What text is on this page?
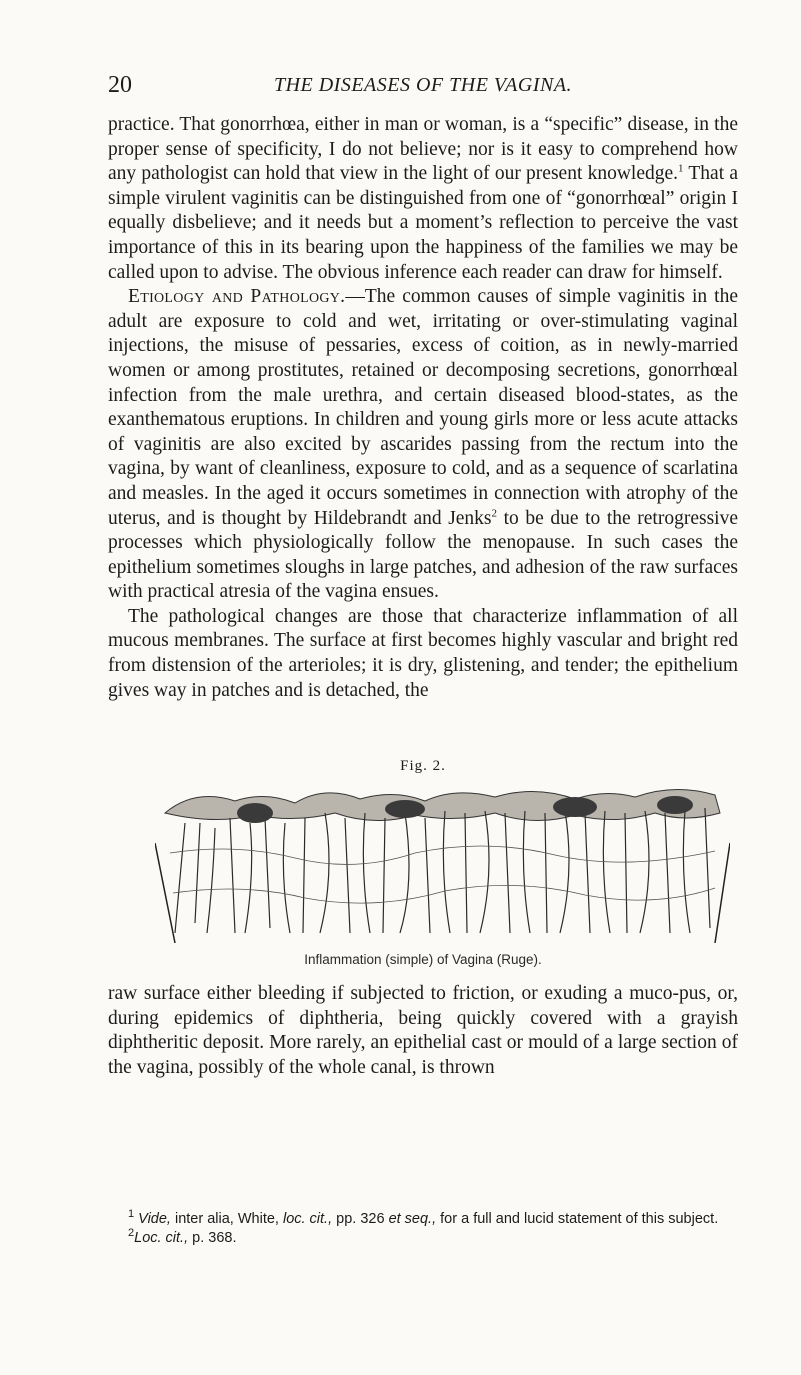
20	THE DISEASES OF THE VAGINA.

practice. That gonorrhœa, either in man or woman, is a “specific” disease, in the proper sense of specificity, I do not believe; nor is it easy to comprehend how any pathologist can hold that view in the light of our present knowledge.$^1$ That a simple virulent vaginitis can be distinguished from one of “gonorrhœal” origin I equally disbelieve; and it needs but a moment’s reflection to perceive the vast importance of this in its bearing upon the happiness of the families we may be called upon to advise. The obvious inference each reader can draw for himself.

Etiology and Pathology.—The common causes of simple vaginitis in the adult are exposure to cold and wet, irritating or over-stimulating vaginal injections, the misuse of pessaries, excess of coition, as in newly-married women or among prostitutes, retained or decomposing secretions, gonorrhœal infection from the male urethra, and certain diseased blood-states, as the exanthematous eruptions. In children and young girls more or less acute attacks of vaginitis are also excited by ascarides passing from the rectum into the vagina, by want of cleanliness, exposure to cold, and as a sequence of scarlatina and measles. In the aged it occurs sometimes in connection with atrophy of the uterus, and is thought by Hildebrandt and Jenks$^2$ to be due to the retrogressive processes which physiologically follow the menopause. In such cases the epithelium sometimes sloughs in large patches, and adhesion of the raw surfaces with practical atresia of the vagina ensues.

The pathological changes are those that characterize inflammation of all mucous membranes. The surface at first becomes highly vascular and bright red from distension of the arterioles; it is dry, glistening, and tender; the epithelium gives way in patches and is detached, the

Fig. 2.
Inflammation (simple) of Vagina (Ruge).

raw surface either bleeding if subjected to friction, or exuding a muco-pus, or, during epidemics of diphtheria, being quickly covered with a grayish diphtheritic deposit. More rarely, an epithelial cast or mould of a large section of the vagina, possibly of the whole canal, is thrown

$^1$ Vide, inter alia, White, loc. cit., pp. 326 et seq., for a full and lucid statement of this subject.

$^2$Loc. cit., p. 368.
